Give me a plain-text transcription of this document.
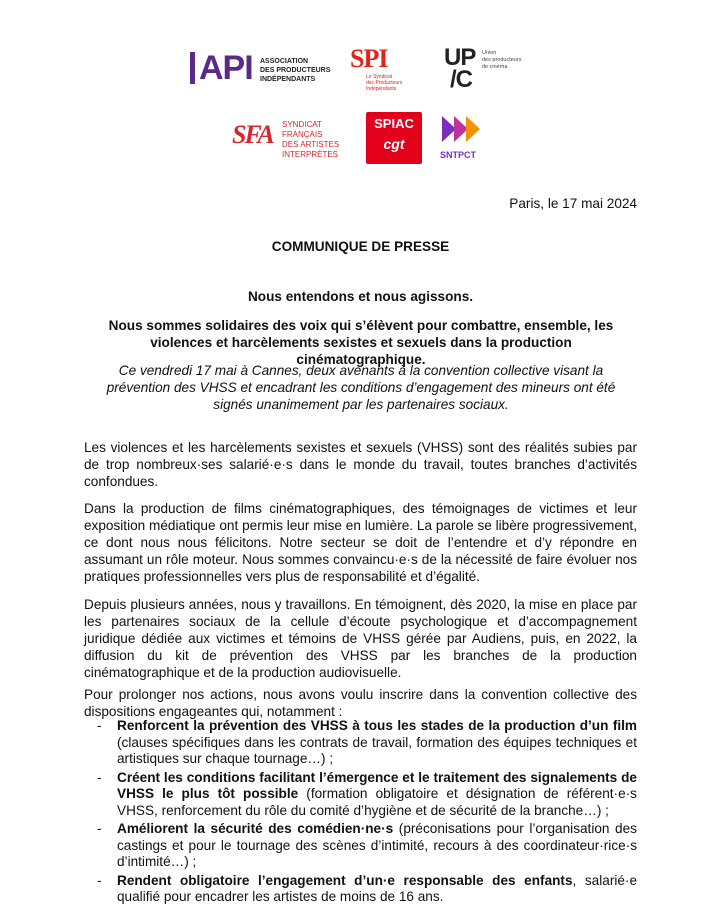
API ASSOCIATION
DES PRODUCTEURS
INDÉPENDANTS
SPI
Le Syndicat
des Producteurs
Indépendants
UP
/C
Union
des producteurs
de cinéma
SFA SYNDICAT
FRANÇAIS
DES ARTISTES
INTERPRÈTES
SPIAC
cgt
SNTPCT
Paris, le 17 mai 2024
COMMUNIQUE DE PRESSE
Nous entendons et nous agissons.
Nous sommes solidaires des voix qui s’élèvent pour combattre, ensemble, les violences et harcèlements sexistes et sexuels dans la production cinématographique.
Ce vendredi 17 mai à Cannes, deux avenants à la convention collective visant la prévention des VHSS et encadrant les conditions d’engagement des mineurs ont été signés unanimement par les partenaires sociaux.

Les violences et les harcèlements sexistes et sexuels (VHSS) sont des réalités subies par de trop nombreux·ses salarié·e·s dans le monde du travail, toutes branches d’activités confondues.

Dans la production de films cinématographiques, des témoignages de victimes et leur exposition médiatique ont permis leur mise en lumière. La parole se libère progressivement, ce dont nous nous félicitons. Notre secteur se doit de l’entendre et d’y répondre en assumant un rôle moteur. Nous sommes convaincu·e·s de la nécessité de faire évoluer nos pratiques professionnelles vers plus de responsabilité et d’égalité.

Depuis plusieurs années, nous y travaillons. En témoignent, dès 2020, la mise en place par les partenaires sociaux de la cellule d’écoute psychologique et d’accompagnement juridique dédiée aux victimes et témoins de VHSS gérée par Audiens, puis, en 2022, la diffusion du kit de prévention des VHSS par les branches de la production cinématographique et de la production audiovisuelle.

Pour prolonger nos actions, nous avons voulu inscrire dans la convention collective des dispositions engageantes qui, notamment :

- Renforcent la prévention des VHSS à tous les stades de la production d’un film (clauses spécifiques dans les contrats de travail, formation des équipes techniques et artistiques sur chaque tournage…) ;
- Créent les conditions facilitant l’émergence et le traitement des signalements de VHSS le plus tôt possible (formation obligatoire et désignation de référent·e·s VHSS, renforcement du rôle du comité d’hygiène et de sécurité de la branche…) ;
- Améliorent la sécurité des comédien·ne·s (préconisations pour l’organisation des castings et pour le tournage des scènes d’intimité, recours à des coordinateur·rice·s d’intimité…) ;
- Rendent obligatoire l’engagement d’un·e responsable des enfants, salarié·e qualifié pour encadrer les artistes de moins de 16 ans.
